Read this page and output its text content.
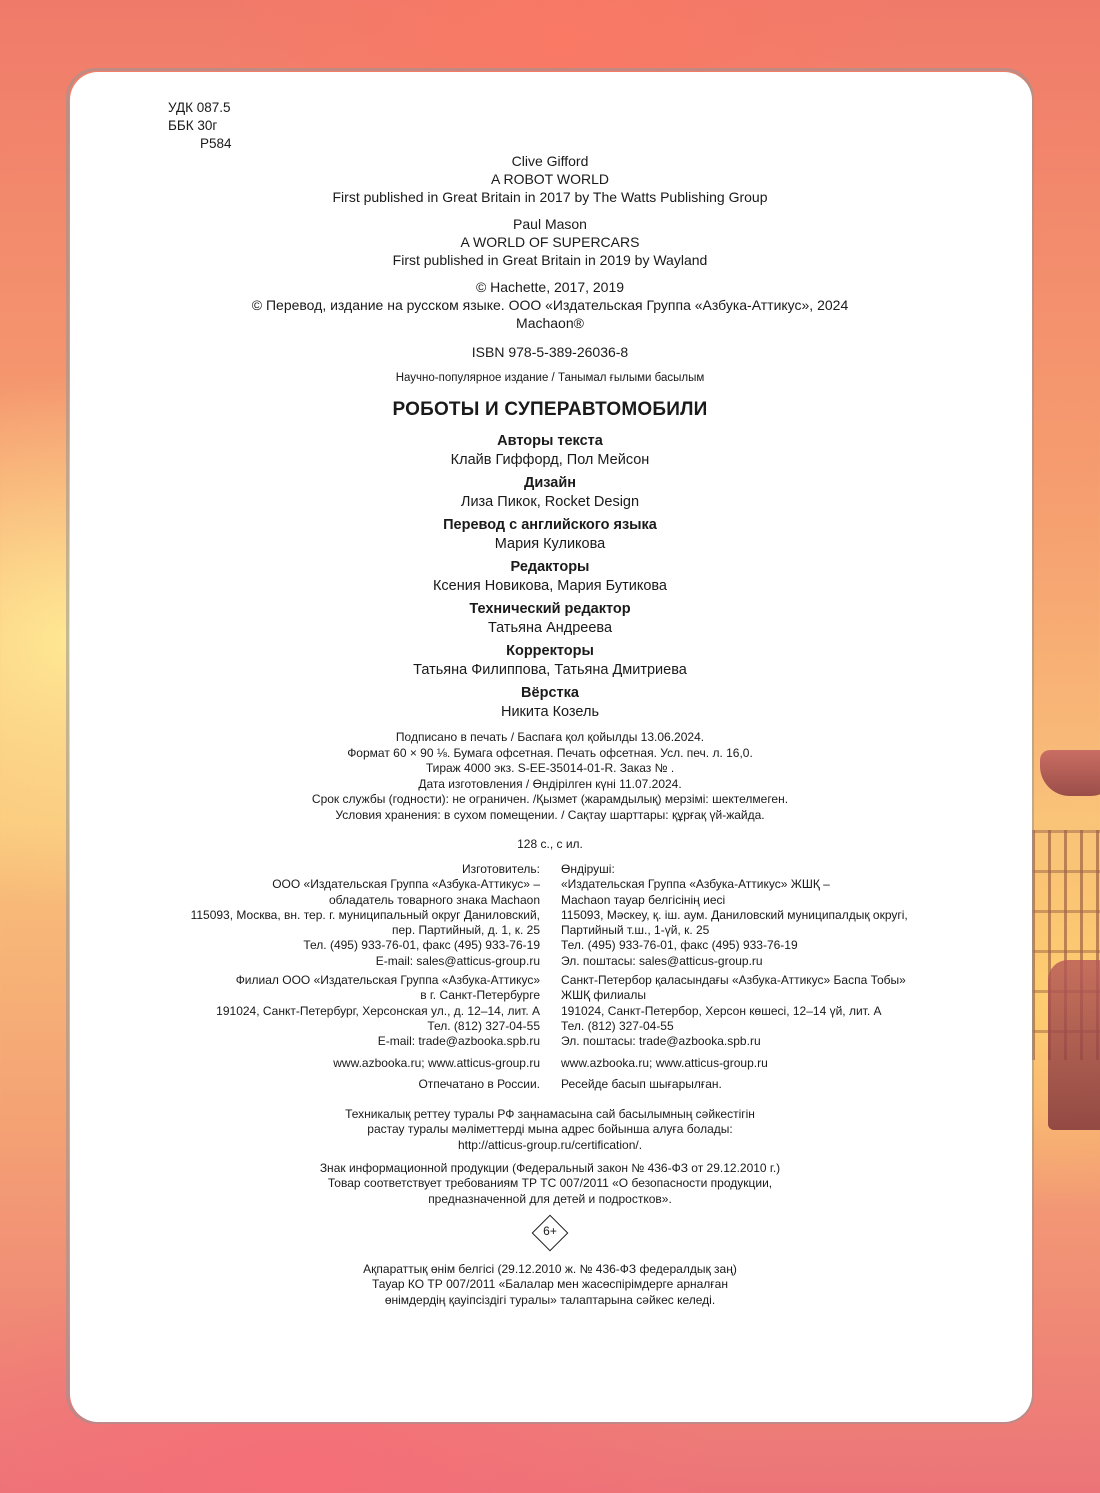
УДК 087.5
ББК 30г
Р584
Clive Gifford
A ROBOT WORLD
First published in Great Britain in 2017 by The Watts Publishing Group
Paul Mason
A WORLD OF SUPERCARS
First published in Great Britain in 2019 by Wayland
© Hachette, 2017, 2019
© Перевод, издание на русском языке. ООО «Издательская Группа «Азбука-Аттикус», 2024
Machaon®
ISBN 978-5-389-26036-8
Научно-популярное издание / Танымал ғылыми басылым
РОБОТЫ И СУПЕРАВТОМОБИЛИ
Авторы текста
Клайв Гиффорд, Пол Мейсон
Дизайн
Лиза Пикок, Rocket Design
Перевод с английского языка
Мария Куликова
Редакторы
Ксения Новикова, Мария Бутикова
Технический редактор
Татьяна Андреева
Корректоры
Татьяна Филиппова, Татьяна Дмитриева
Вёрстка
Никита Козель
Подписано в печать / Баспаға қол қойылды 13.06.2024.
Формат 60 × 90 ⅛. Бумага офсетная. Печать офсетная. Усл. печ. л. 16,0.
Тираж 4000 экз. S-EE-35014-01-R. Заказ № .
Дата изготовления / Өндірілген күні 11.07.2024.
Срок службы (годности): не ограничен. /Қызмет (жарамдылық) мерзімі: шектелмеген.
Условия хранения: в сухом помещении. / Сақтау шарттары: құрғақ үй-жайда.
128 с., с ил.
Изготовитель:
ООО «Издательская Группа «Азбука-Аттикус» –
обладатель товарного знака Machaon
115093, Москва, вн. тер. г. муниципальный округ Даниловский,
пер. Партийный, д. 1, к. 25
Тел. (495) 933-76-01, факс (495) 933-76-19
E-mail: sales@atticus-group.ru
Филиал ООО «Издательская Группа «Азбука-Аттикус»
в г. Санкт-Петербурге
191024, Санкт-Петербург, Херсонская ул., д. 12–14, лит. А
Тел. (812) 327-04-55
E-mail: trade@azbooka.spb.ru
www.azbooka.ru; www.atticus-group.ru
Отпечатано в России.
Өндіруші:
«Издательская Группа «Азбука-Аттикус» ЖШҚ –
Machaon тауар белгісінің иесі
115093, Мәскеу, қ. іш. аум. Даниловский муниципалдық округі,
Партийный т.ш., 1-үй, к. 25
Тел. (495) 933-76-01, факс (495) 933-76-19
Эл. поштасы: sales@atticus-group.ru
Санкт-Петербор қаласындағы «Азбука-Аттикус» Баспа Тобы»
ЖШҚ филиалы
191024, Санкт-Петербор, Херсон көшесі, 12–14 үй, лит. А
Тел. (812) 327-04-55
Эл. поштасы: trade@azbooka.spb.ru
www.azbooka.ru; www.atticus-group.ru
Ресейде басып шығарылған.
Техникалық реттеу туралы РФ заңнамасына сай басылымның сәйкестігін
растау туралы мәліметтерді мына адрес бойынша алуға болады:
http://atticus-group.ru/certification/.
Знак информационной продукции (Федеральный закон № 436-ФЗ от 29.12.2010 г.)
Товар соответствует требованиям ТР ТС 007/2011 «О безопасности продукции,
предназначенной для детей и подростков».
6+
Ақпараттық өнім белгісі (29.12.2010 ж. № 436-ФЗ федералдық заң)
Тауар КО ТР 007/2011 «Балалар мен жасөспірімдерге арналған
өнімдердің қауіпсіздігі туралы» талаптарына сәйкес келеді.
